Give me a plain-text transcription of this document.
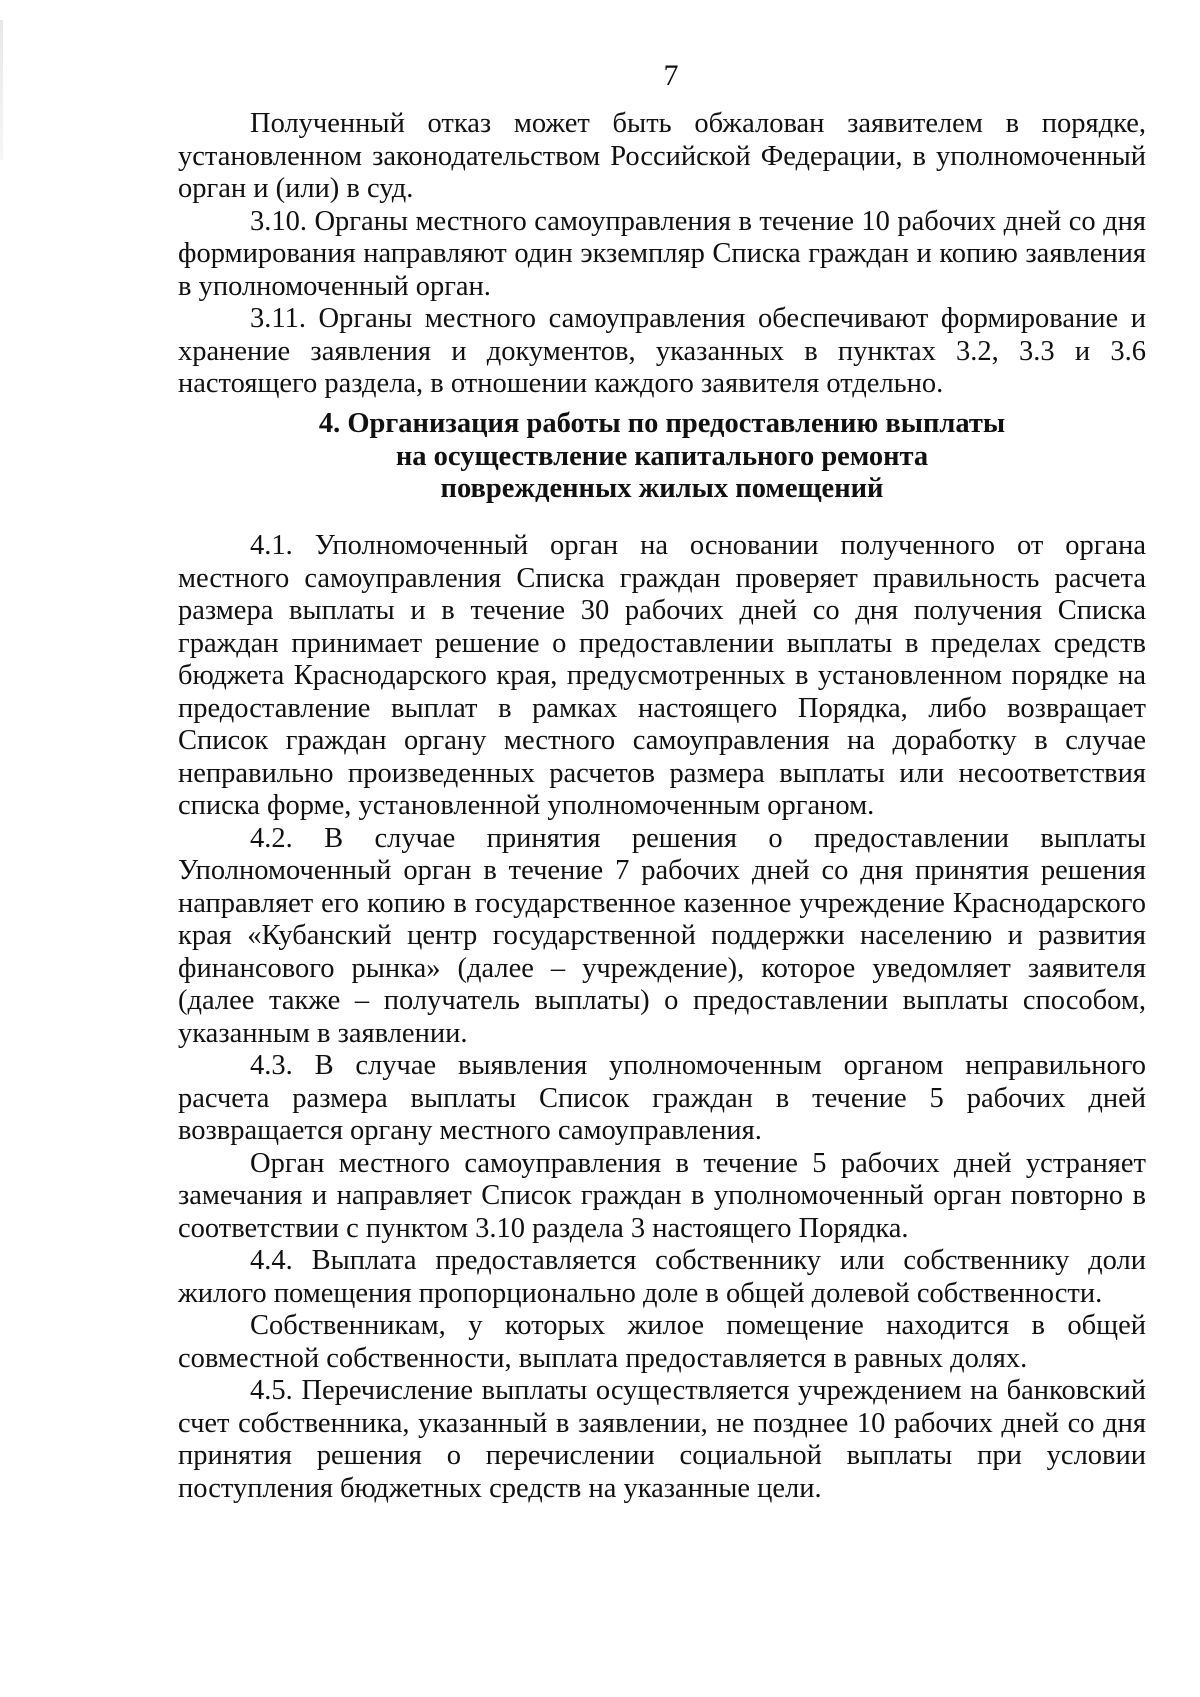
7

Полученный отказ может быть обжалован заявителем в порядке, установленном законодательством Российской Федерации, в уполномоченный орган и (или) в суд.

3.10. Органы местного самоуправления в течение 10 рабочих дней со дня формирования направляют один экземпляр Списка граждан и копию заявления в уполномоченный орган.

3.11. Органы местного самоуправления обеспечивают формирование и хранение заявления и документов, указанных в пунктах 3.2, 3.3 и 3.6 настоящего раздела, в отношении каждого заявителя отдельно.

4. Организация работы по предоставлению выплаты
на осуществление капитального ремонта
поврежденных жилых помещений

4.1. Уполномоченный орган на основании полученного от органа местного самоуправления Списка граждан проверяет правильность расчета размера выплаты и в течение 30 рабочих дней со дня получения Списка граждан принимает решение о предоставлении выплаты в пределах средств бюджета Краснодарского края, предусмотренных в установленном порядке на предоставление выплат в рамках настоящего Порядка, либо возвращает Список граждан органу местного самоуправления на доработку в случае неправильно произведенных расчетов размера выплаты или несоответствия списка форме, установленной уполномоченным органом.

4.2. В случае принятия решения о предоставлении выплаты Уполномоченный орган в течение 7 рабочих дней со дня принятия решения направляет его копию в государственное казенное учреждение Краснодарского края «Кубанский центр государственной поддержки населению и развития финансового рынка» (далее – учреждение), которое уведомляет заявителя (далее также – получатель выплаты) о предоставлении выплаты способом, указанным в заявлении.

4.3. В случае выявления уполномоченным органом неправильного расчета размера выплаты Список граждан в течение 5 рабочих дней возвращается органу местного самоуправления.

Орган местного самоуправления в течение 5 рабочих дней устраняет замечания и направляет Список граждан в уполномоченный орган повторно в соответствии с пунктом 3.10 раздела 3 настоящего Порядка.

4.4. Выплата предоставляется собственнику или собственнику доли жилого помещения пропорционально доле в общей долевой собственности.

Собственникам, у которых жилое помещение находится в общей совместной собственности, выплата предоставляется в равных долях.

4.5. Перечисление выплаты осуществляется учреждением на банковский счет собственника, указанный в заявлении, не позднее 10 рабочих дней со дня принятия решения о перечислении социальной выплаты при условии поступления бюджетных средств на указанные цели.
